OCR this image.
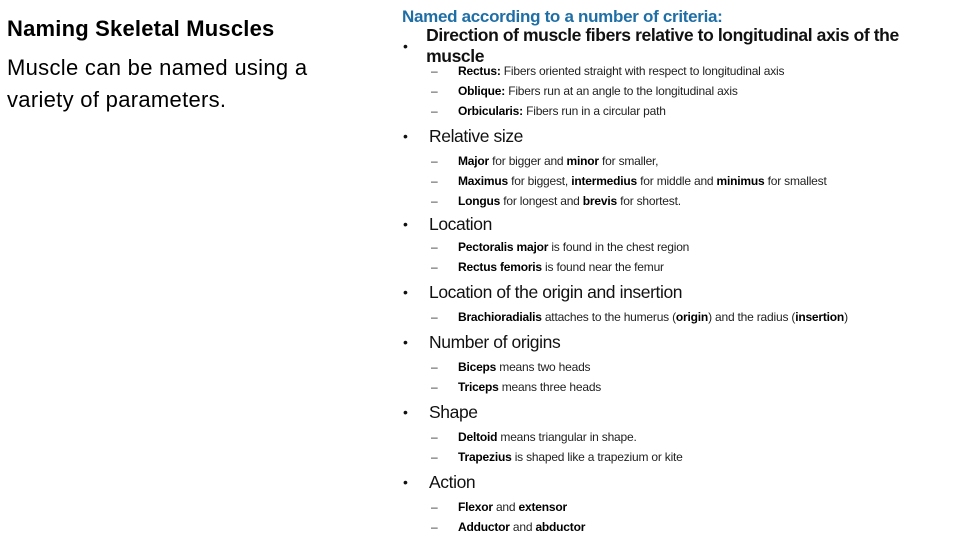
Naming Skeletal Muscles
Muscle can be named using a variety of parameters.
Named according to a number of criteria:
•
Direction of muscle fibers relative to longitudinal axis of the muscle
–	Rectus: Fibers oriented straight with respect to longitudinal axis
–	Oblique: Fibers run at an angle to the longitudinal axis
–	Orbicularis: Fibers run in a circular path
•	Relative size
–	Major for bigger and minor for smaller,
–	Maximus for biggest, intermedius for middle and minimus for smallest
–	Longus for longest and brevis for shortest.
•	Location
–	Pectoralis major is found in the chest region
–	Rectus femoris is found near the femur
•	Location of the origin and insertion
–	Brachioradialis attaches to the humerus (origin) and the radius (insertion)
•	Number of origins
–	Biceps means two heads
–	Triceps means three heads
•	Shape
–	Deltoid means triangular in shape.
–	Trapezius is shaped like a trapezium or kite
•	Action
–	Flexor and extensor
–	Adductor and abductor
